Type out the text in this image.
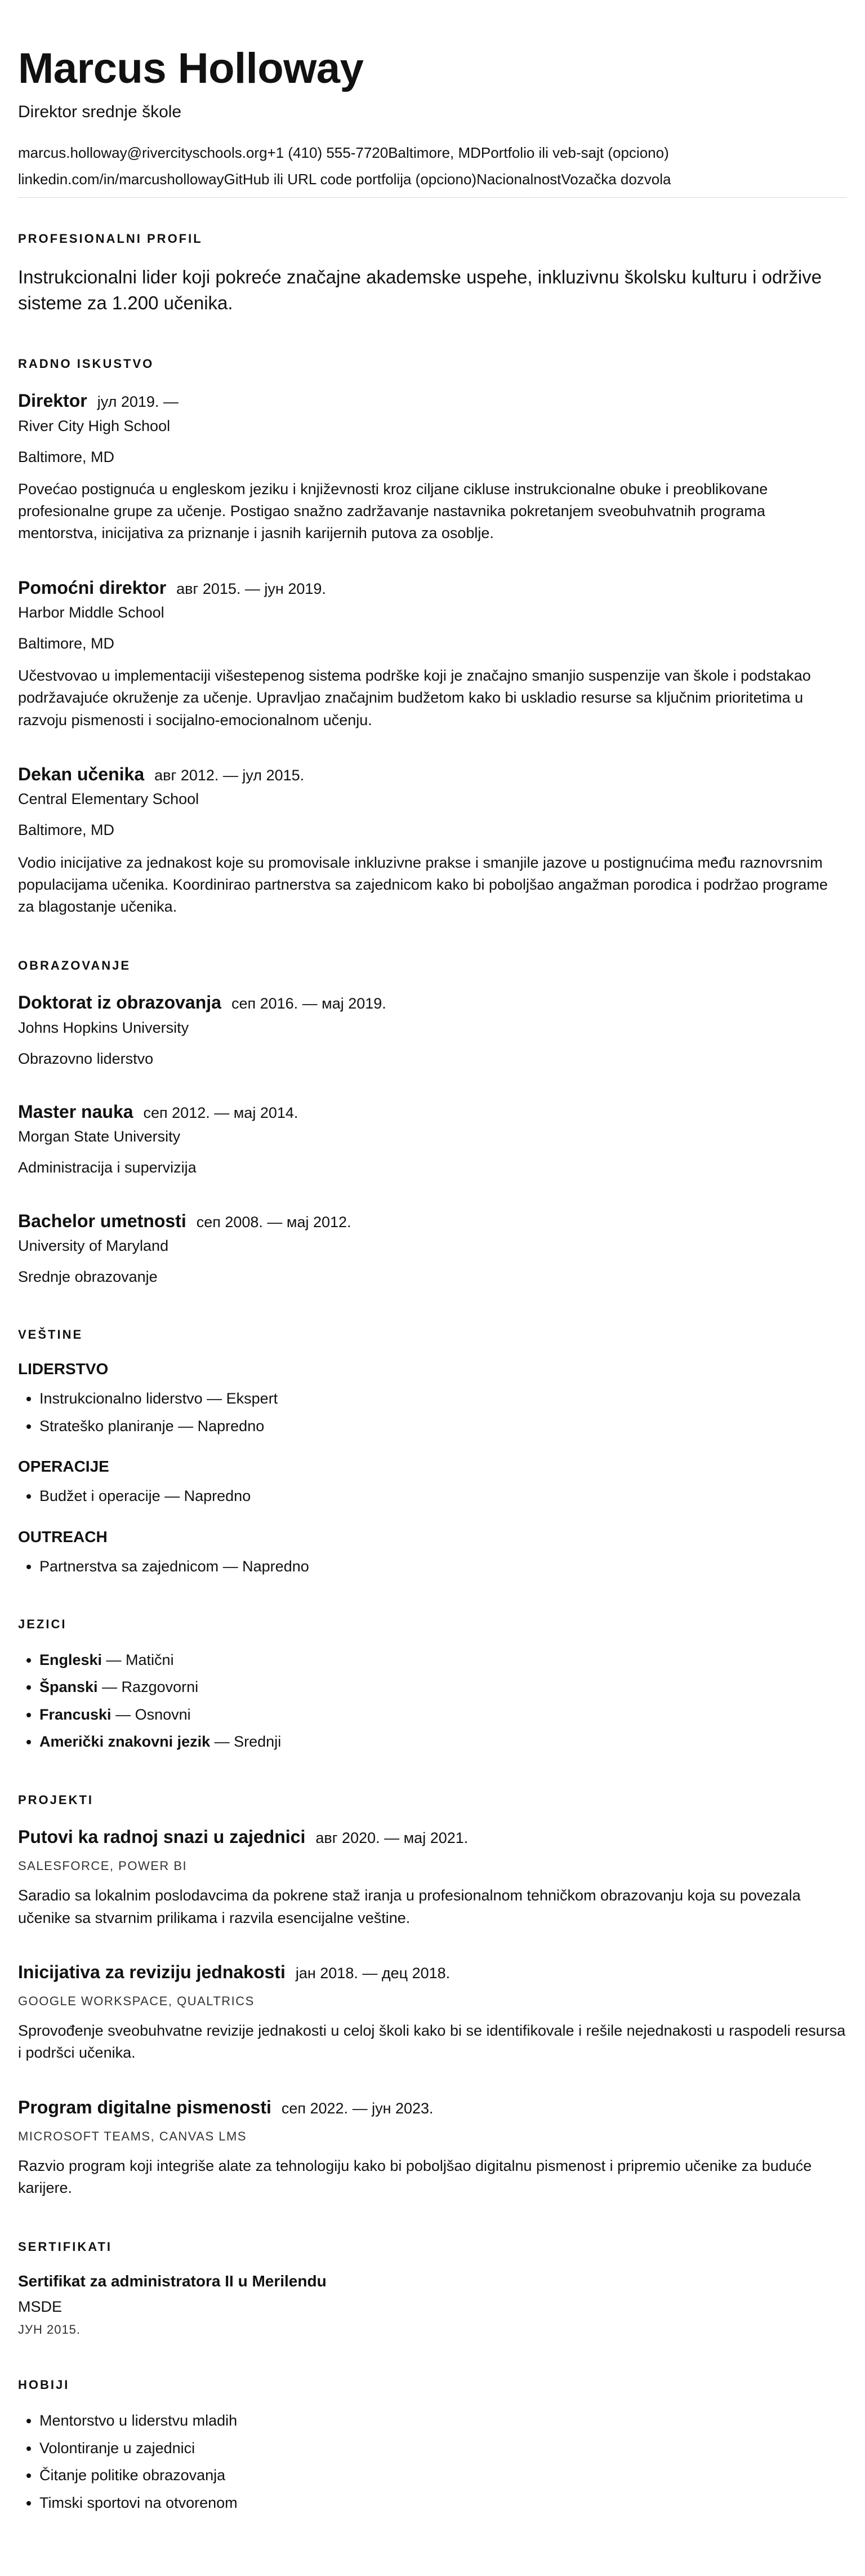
Marcus Holloway
Direktor srednje škole
marcus.holloway@rivercityschools.org+1 (410) 555-7720Baltimore, MDPortfolio ili veb-sajt (opciono)
linkedin.com/in/marcushollowayGitHub ili URL code portfolija (opciono)NacionalnostVozačka dozvola
PROFESIONALNI PROFIL

Instrukcionalni lider koji pokreće značajne akademske uspehe, inkluzivnu školsku kulturu i održive sisteme za 1.200 učenika.

RADNO ISKUSTVO
Direktor јул 2019. —
River City High School
Baltimore, MD
Povećao postignuća u engleskom jeziku i književnosti kroz ciljane cikluse instrukcionalne obuke i preoblikovane profesionalne grupe za učenje. Postigao snažno zadržavanje nastavnika pokretanjem sveobuhvatnih programa mentorstva, inicijativa za priznanje i jasnih karijernih putova za osoblje.
Pomoćni direktor авг 2015. — јун 2019.
Harbor Middle School
Baltimore, MD
Učestvovao u implementaciji višestepenog sistema podrške koji je značajno smanjio suspenzije van škole i podstakao podržavajuće okruženje za učenje. Upravljao značajnim budžetom kako bi uskladio resurse sa ključnim prioritetima u razvoju pismenosti i socijalno-emocionalnom učenju.
Dekan učenika авг 2012. — јул 2015.
Central Elementary School
Baltimore, MD
Vodio inicijative za jednakost koje su promovisale inkluzivne prakse i smanjile jazove u postignućima među raznovrsnim populacijama učenika. Koordinirao partnerstva sa zajednicom kako bi poboljšao angažman porodica i podržao programe za blagostanje učenika.
OBRAZOVANJE
Doktorat iz obrazovanja сеп 2016. — мај 2019.
Johns Hopkins University
Obrazovno liderstvo
Master nauka сеп 2012. — мај 2014.
Morgan State University
Administracija i supervizija
Bachelor umetnosti сеп 2008. — мај 2012.
University of Maryland
Srednje obrazovanje
VEŠTINE
LIDERSTVO
• Instrukcionalno liderstvo — Ekspert
• Strateško planiranje — Napredno
OPERACIJE
• Budžet i operacije — Napredno
OUTREACH
• Partnerstva sa zajednicom — Napredno
JEZICI
• Engleski — Matični
• Španski — Razgovorni
• Francuski — Osnovni
• Američki znakovni jezik — Srednji
PROJEKTI
Putovi ka radnoj snazi u zajednici авг 2020. — мај 2021.
SALESFORCE, POWER BI
Saradio sa lokalnim poslodavcima da pokrene staž iranja u profesionalnom tehničkom obrazovanju koja su povezala učenike sa stvarnim prilikama i razvila esencijalne veštine.
Inicijativa za reviziju jednakosti јан 2018. — дец 2018.
GOOGLE WORKSPACE, QUALTRICS
Sprovođenje sveobuhvatne revizije jednakosti u celoj školi kako bi se identifikovale i rešile nejednakosti u raspodeli resursa i podršci učenika.
Program digitalne pismenosti сеп 2022. — јун 2023.
MICROSOFT TEAMS, CANVAS LMS
Razvio program koji integriše alate za tehnologiju kako bi poboljšao digitalnu pismenost i pripremio učenike za buduće karijere.
SERTIFIKATI
Sertifikat za administratora II u Merilendu
MSDE
ЈУН 2015.
HOBIJI
• Mentorstvo u liderstvu mladih
• Volontiranje u zajednici
• Čitanje politike obrazovanja
• Timski sportovi na otvorenom
